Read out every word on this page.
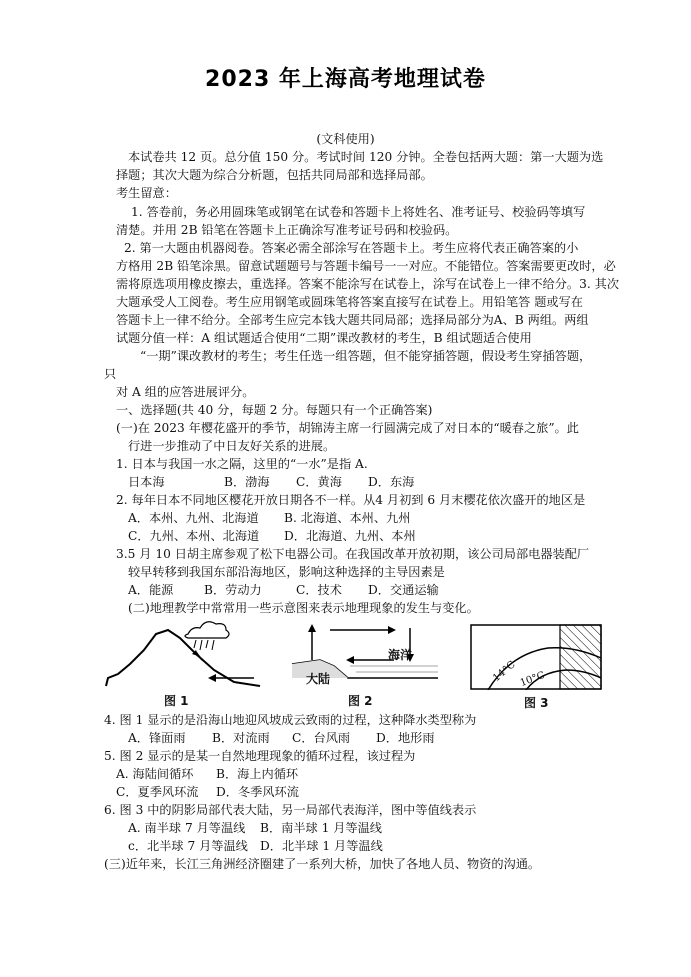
2023 年上海高考地理试卷
(文科使用)
本试卷共 12 页。总分值 150 分。考试时间 120 分钟。全卷包括两大题：第一大题为选
择题；其次大题为综合分析题，包括共同局部和选择局部。
考生留意：
1. 答卷前，务必用圆珠笔或钢笔在试卷和答题卡上将姓名、准考证号、校验码等填写
清楚。并用 2B 铅笔在答题卡上正确涂写准考证号码和校验码。
2. 第一大题由机器阅卷。答案必需全部涂写在答题卡上。考生应将代表正确答案的小
方格用 2B 铅笔涂黑。留意试题题号与答题卡编号一一对应。不能错位。答案需要更改时，必
需将原选项用橡皮擦去，重选择。答案不能涂写在试卷上，涂写在试卷上一律不给分。3. 其次
大题承受人工阅卷。考生应用钢笔或圆珠笔将答案直接写在试卷上。用铅笔答 题或写在
答题卡上一律不给分。全部考生应完本钱大题共同局部；选择局部分为A、B 两组。两组
试题分值一样：A 组试题适合使用“二期”课改教材的考生，B 组试题适合使用
“一期”课改教材的考生；考生任选一组答题，但不能穿插答题，假设考生穿插答题，
只
对 A 组的应答进展评分。
一、选择题(共 40 分，每题 2 分。每题只有一个正确答案)
(一)在 2023 年樱花盛开的季节，胡锦涛主席一行圆满完成了对日本的“暖春之旅”。此
行进一步推动了中日友好关系的进展。
1. 日本与我国一水之隔，这里的“一水”是指 A.
日本海	B．渤海 C．黄海 D．东海
2. 每年日本不同地区樱花开放日期各不一样。从4 月初到 6 月末樱花依次盛开的地区是
A．本州、九州、北海道 B. 北海道、本州、九州
C．九州、本州、北海道 D．北海道、九州、本州
3.5 月 10 日胡主席参观了松下电器公司。在我国改革开放初期，该公司局部电器装配厂
较早转移到我国东部沿海地区，影响这种选择的主导因素是
A．能源	B．劳动力	C．技术 D．交通运输
(二)地理教学中常常用一些示意图来表示地理现象的发生与变化。
图 1
海洋
大陆
图 2
14°C 10°C
图 3
4. 图 1 显示的是沿海山地迎风坡成云致雨的过程，这种降水类型称为
A．锋面雨 B．对流雨 C．台风雨 D．地形雨
5. 图 2 显示的是某一自然地理现象的循环过程，该过程为
A. 海陆间循环 B．海上内循环
C．夏季风环流 D．冬季风环流
6. 图 3 中的阴影局部代表大陆，另一局部代表海洋，图中等值线表示
A. 南半球 7 月等温线 B．南半球 1 月等温线
c．北半球 7 月等温线 D．北半球 1 月等温线
(三)近年来，长江三角洲经济圈建了一系列大桥，加快了各地人员、物资的沟通。
